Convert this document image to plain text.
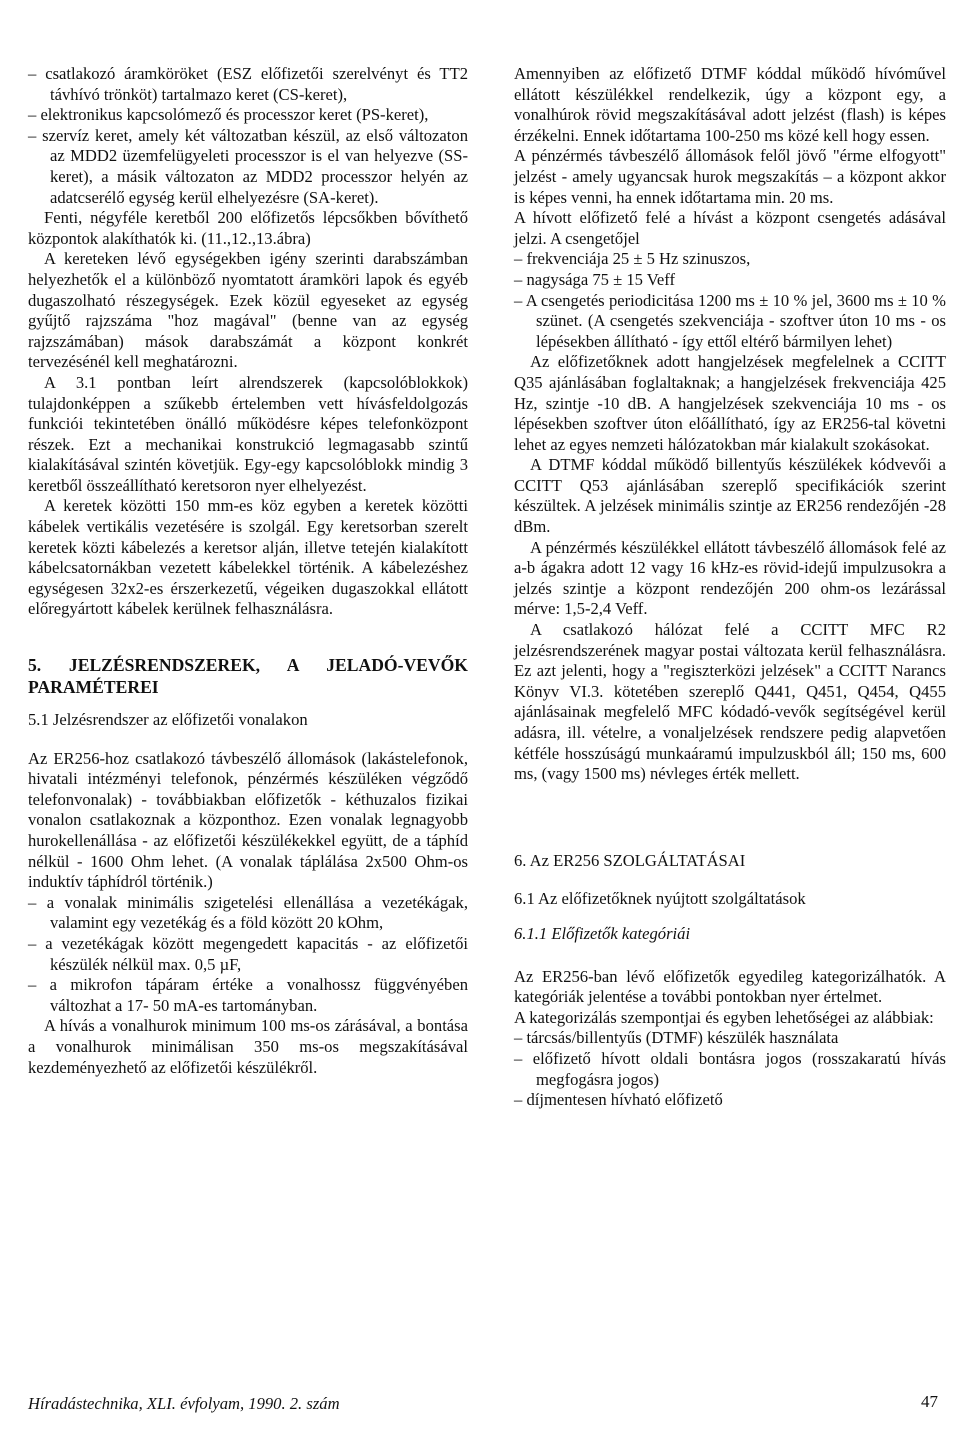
– csatlakozó áramköröket (ESZ előfizetői szerelvényt és TT2 távhívó trönköt) tartalmazo keret (CS-keret),

– elektronikus kapcsolómező és processzor keret (PS-keret),

– szervíz keret, amely két változatban készül, az első változaton az MDD2 üzemfelügyeleti processzor is el van helyezve (SS-keret), a másik változaton az MDD2 processzor helyén az adatcserélő egység kerül elhelyezésre (SA-keret).

Fenti, négyféle keretből 200 előfizetős lépcsőkben bővíthető központok alakíthatók ki. (11.,12.,13.ábra)

A kereteken lévő egységekben igény szerinti darabszámban helyezhetők el a különböző nyomtatott áramköri lapok és egyéb dugaszolható részegységek. Ezek közül egyeseket az egység gyűjtő rajzszáma "hoz magával" (benne van az egység rajzszámában) mások darabszámát a központ konkrét tervezésénél kell meghatározni.

A 3.1 pontban leírt alrendszerek (kapcsolóblokkok) tulajdonképpen a szűkebb értelemben vett hívásfeldolgozás funkciói tekintetében önálló működésre képes telefonközpont részek. Ezt a mechanikai konstrukció legmagasabb szintű kialakításával szintén követjük. Egy-egy kapcsolóblokk mindig 3 keretből összeállítható keretsoron nyer elhelyezést.

A keretek közötti 150 mm-es köz egyben a keretek közötti kábelek vertikális vezetésére is szolgál. Egy keretsorban szerelt keretek közti kábelezés a keretsor alján, illetve tetején kialakított kábelcsatornákban vezetett kábelekkel történik. A kábelezéshez egységesen 32x2-es érszerkezetű, végeiken dugaszokkal ellátott előregyártott kábelek kerülnek felhasználásra.

5. JELZÉSRENDSZEREK, A JELADÓ-VEVŐK PARAMÉTEREI

5.1 Jelzésrendszer az előfizetői vonalakon

Az ER256-hoz csatlakozó távbeszélő állomások (lakástelefonok, hivatali intézményi telefonok, pénzérmés készüléken végződő telefonvonalak) - továbbiakban előfizetők - kéthuzalos fizikai vonalon csatlakoznak a központhoz. Ezen vonalak legnagyobb hurokellenállása - az előfizetői készülékekkel együtt, de a táphíd nélkül - 1600 Ohm lehet. (A vonalak táplálása 2x500 Ohm-os induktív táphídról történik.)

– a vonalak minimális szigetelési ellenállása a vezetékágak, valamint egy vezetékág és a föld között 20 kOhm,

– a vezetékágak között megengedett kapacitás - az előfizetői készülék nélkül max. 0,5 µF,

– a mikrofon tápáram értéke a vonalhossz függvényében változhat a 17- 50 mA-es tartományban.

A hívás a vonalhurok minimum 100 ms-os zárásával, a bontása a vonalhurok minimálisan 350 ms-os megszakításával kezdeményezhető az előfizetői készülékről.

Amennyiben az előfizető DTMF kóddal működő hívóművel ellátott készülékkel rendelkezik, úgy a központ egy, a vonalhúrok rövid megszakításával adott jelzést (flash) is képes érzékelni. Ennek időtartama 100-250 ms közé kell hogy essen.

A pénzérmés távbeszélő állomások felől jövő "érme elfogyott" jelzést - amely ugyancsak hurok megszakítás – a központ akkor is képes venni, ha ennek időtartama min. 20 ms.

A hívott előfizető felé a hívást a központ csengetés adásával jelzi. A csengetőjel

– frekvenciája 25 ± 5 Hz szinuszos,

– nagysága 75 ± 15 Veff

– A csengetés periodicitása 1200 ms ± 10 % jel, 3600 ms ± 10 % szünet. (A csengetés szekvenciája - szoftver úton 10 ms - os lépésekben állítható - így ettől eltérő bármilyen lehet)

Az előfizetőknek adott hangjelzések megfelelnek a CCITT Q35 ajánlásában foglaltaknak; a hangjelzések frekvenciája 425 Hz, szintje -10 dB. A hangjelzések szekvenciája 10 ms - os lépésekben szoftver úton előállítható, így az ER256-tal követni lehet az egyes nemzeti hálózatokban már kialakult szokásokat.

A DTMF kóddal működő billentyűs készülékek kódvevői a CCITT Q53 ajánlásában szereplő specifikációk szerint készültek. A jelzések minimális szintje az ER256 rendezőjén -28 dBm.

A pénzérmés készülékkel ellátott távbeszélő állomások felé az a-b ágakra adott 12 vagy 16 kHz-es rövid-idejű impulzusokra a jelzés szintje a központ rendezőjén 200 ohm-os lezárással mérve: 1,5-2,4 Veff.

A csatlakozó hálózat felé a CCITT MFC R2 jelzésrendszerének magyar postai változata kerül felhasználásra. Ez azt jelenti, hogy a "regiszterközi jelzések" a CCITT Narancs Könyv VI.3. kötetében szereplő Q441, Q451, Q454, Q455 ajánlásainak megfelelő MFC kódadó-vevők segítségével kerül adásra, ill. vételre, a vonaljelzések rendszere pedig alapvetően kétféle hosszúságú munkaáramú impulzuskból áll; 150 ms, 600 ms, (vagy 1500 ms) névleges érték mellett.

6. Az ER256 SZOLGÁLTATÁSAI

6.1 Az előfizetőknek nyújtott szolgáltatások

6.1.1 Előfizetők kategóriái

Az ER256-ban lévő előfizetők egyedileg kategorizálhatók. A kategóriák jelentése a további pontokban nyer értelmet.

A kategorizálás szempontjai és egyben lehetőségei az alábbiak:

– tárcsás/billentyűs (DTMF) készülék használata

– előfizető hívott oldali bontásra jogos (rosszakaratú hívás megfogásra jogos)

– díjmentesen hívható előfizető

Híradástechnika, XLI. évfolyam, 1990. 2. szám	47
